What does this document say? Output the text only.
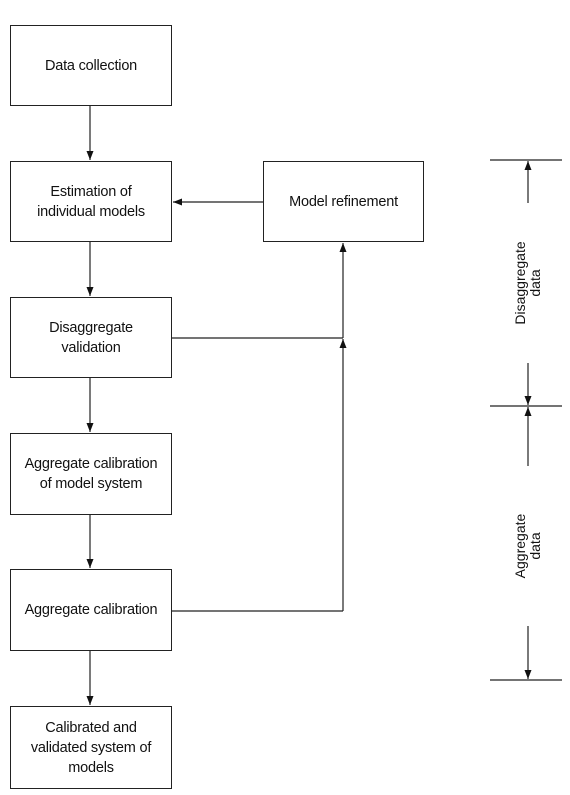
Data collection
Estimation of
individual models
Model refinement
Disaggregate
validation
Aggregate calibration
of model system
Aggregate calibration
Calibrated and
validated system of
models
Disaggregate
data
Aggregate
data
